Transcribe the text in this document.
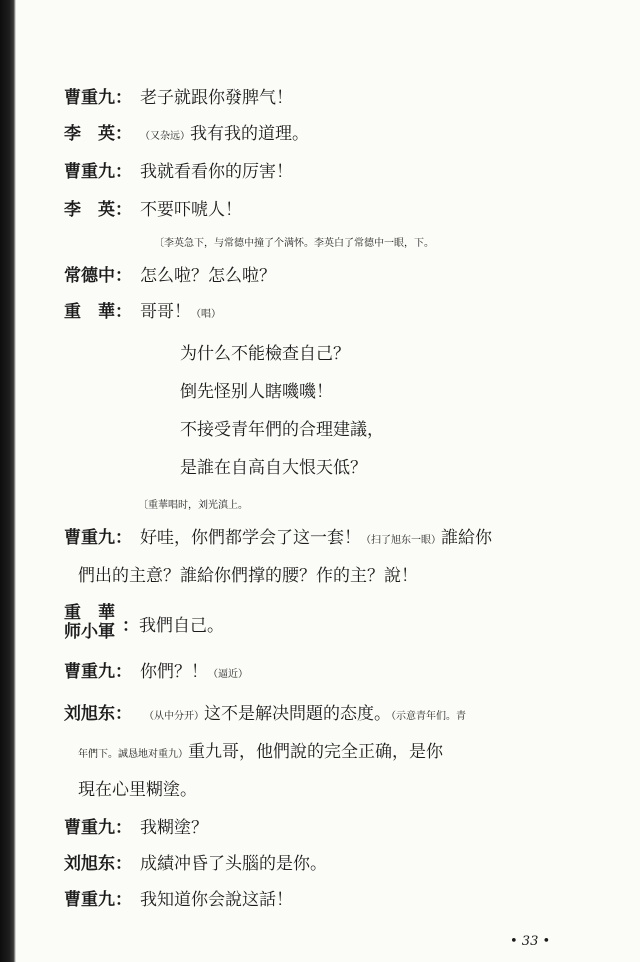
曹重九： 老子就跟你發脾气！
李　英： （又杂远）我有我的道理。
曹重九： 我就看看你的厉害！
李　英： 不要吓唬人！
〔李英急下，与常德中撞了个满怀。李英白了常德中一眼，下。
常德中： 怎么啦？怎么啦？
重　華： 哥哥！（唱）
为什么不能檢查自己？
倒先怪别人瞎嘰嘰！
不接受青年們的合理建議，
是誰在自高自大恨天低？
〔重華唱时，刘光滇上。
曹重九： 好哇，你們都学会了这一套！（扫了旭东一眼）誰給你
們出的主意？誰給你們撑的腰？作的主？說！
重　華
师小軍 ：我們自己。
曹重九： 你們？！（逼近）
刘旭东： （从中分开）这不是解决問題的态度。（示意青年们。青
年們下。誠恳地对重九）重九哥，他們說的完全正确，是你
現在心里糊塗。
曹重九： 我糊塗？
刘旭东： 成績冲昏了头腦的是你。
曹重九： 我知道你会說这話！
• 33 •
